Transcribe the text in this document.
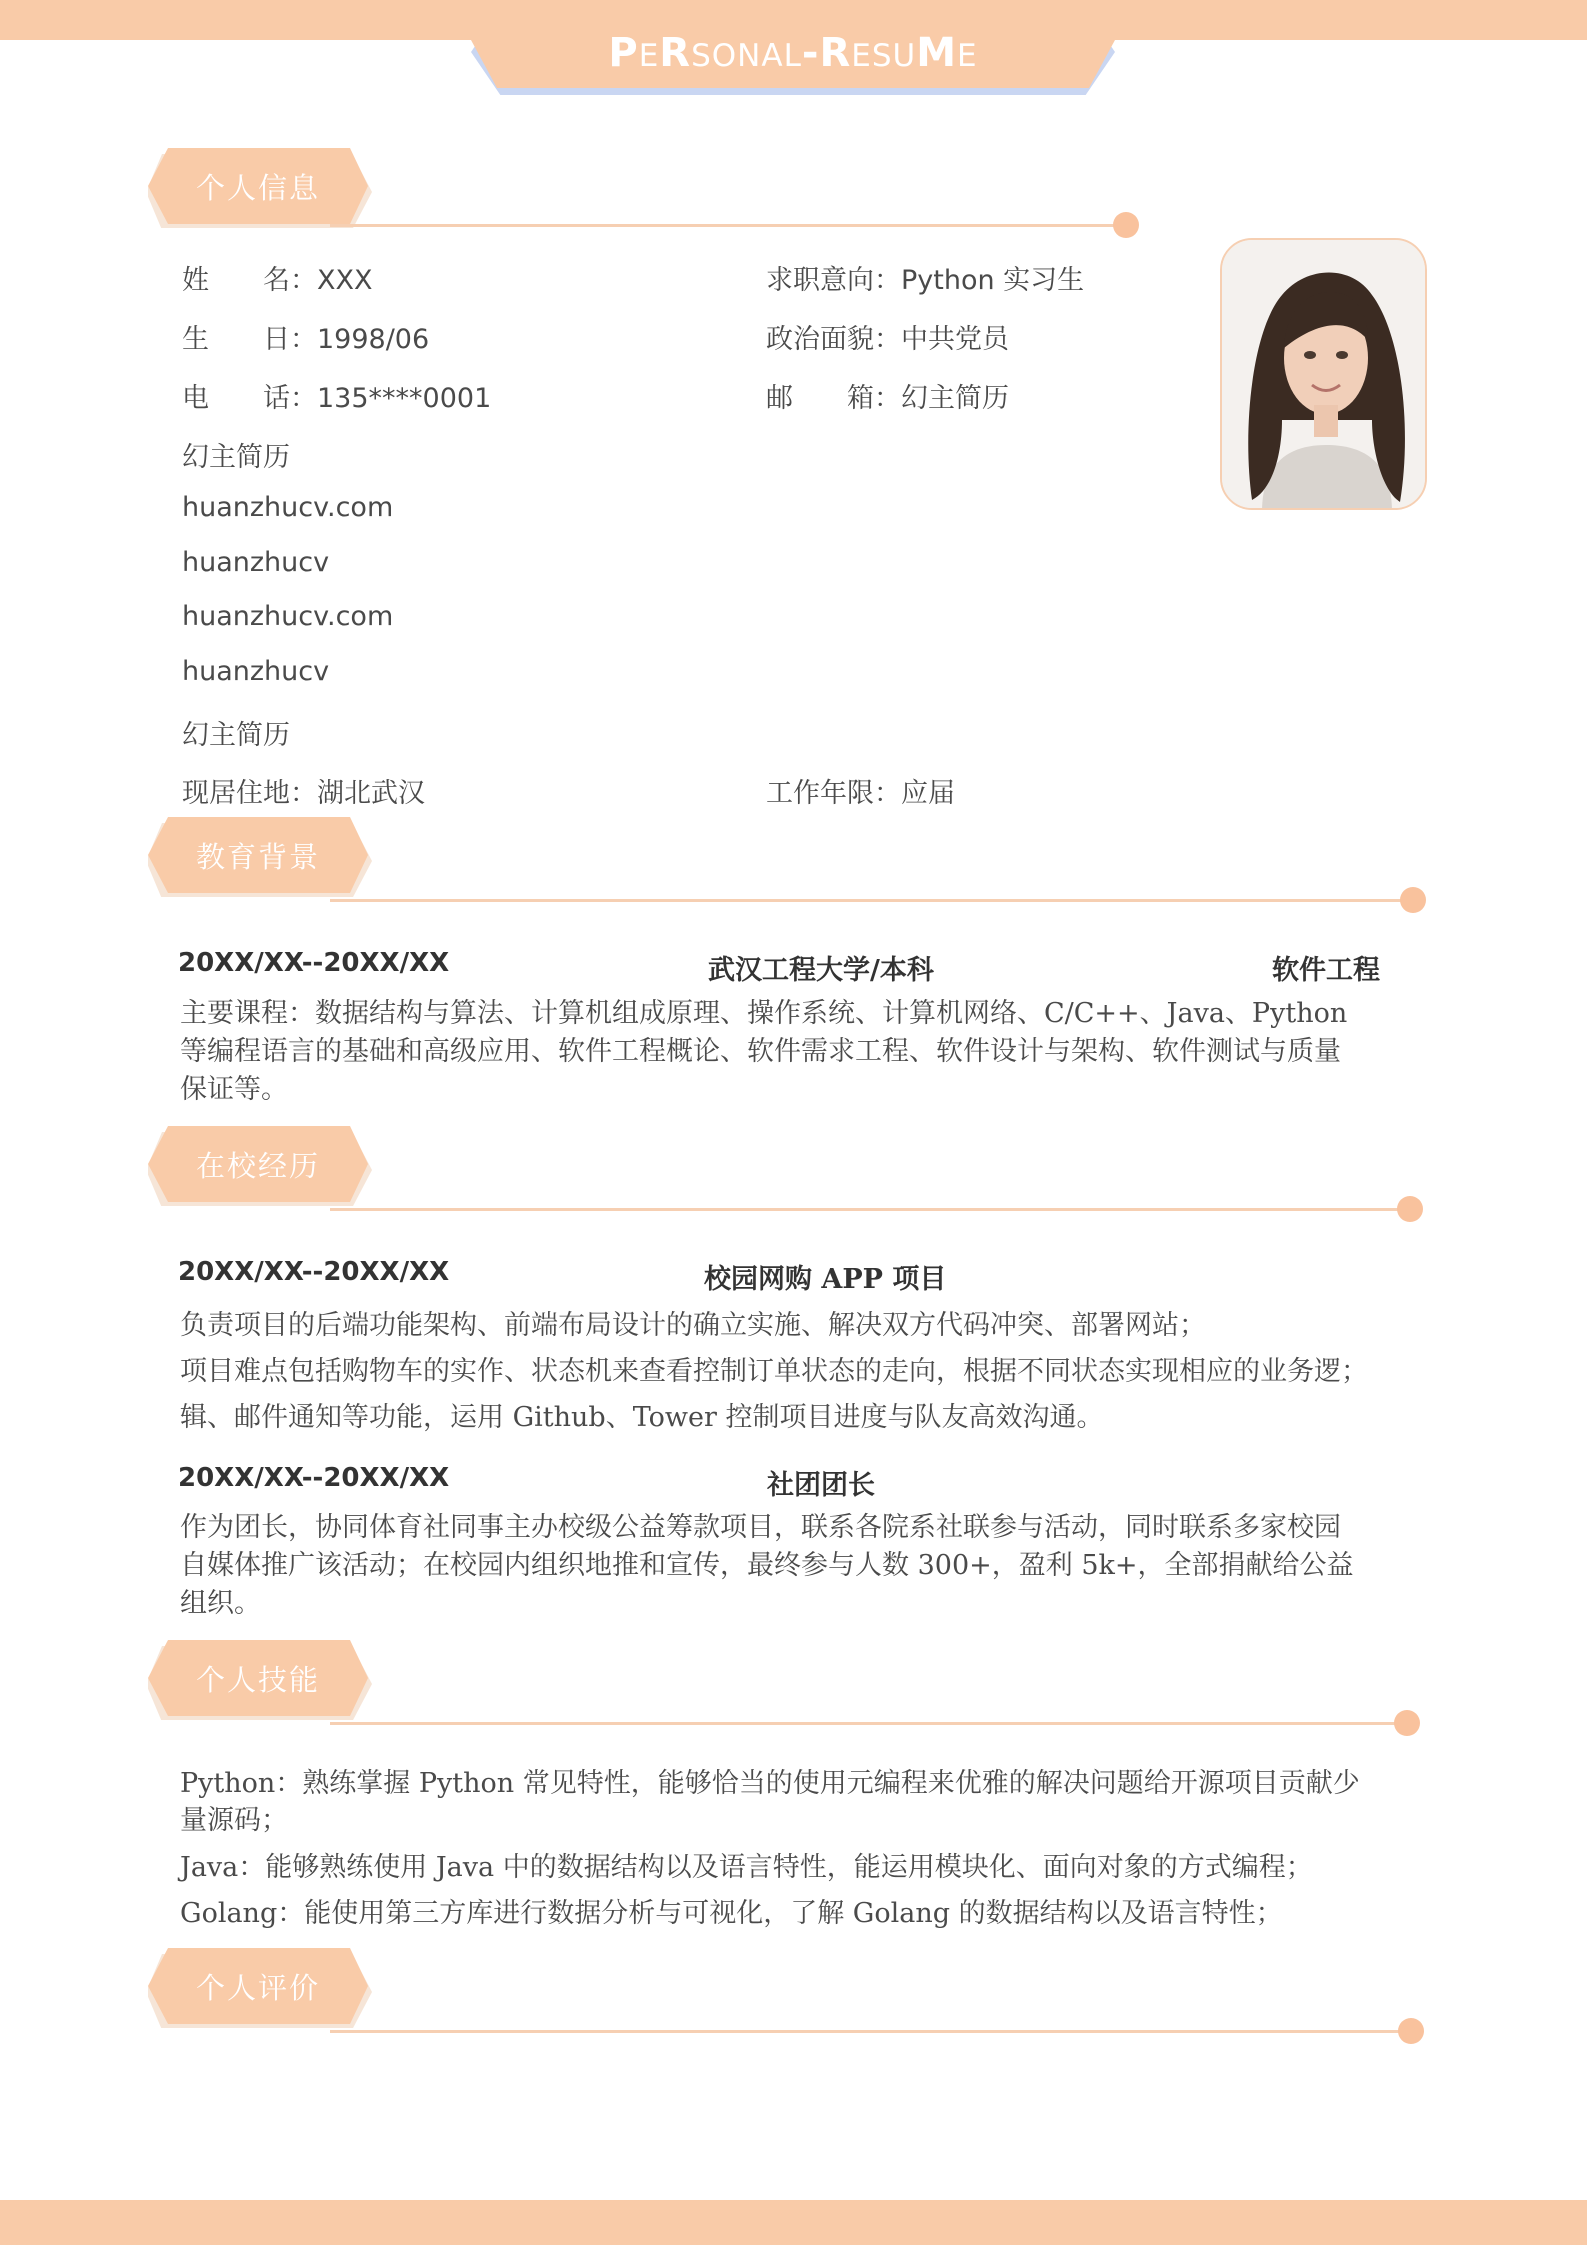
PERSONAL-RESUME
个人信息
姓　　名：XXX	求职意向：Python 实习生
生　　日：1998/06	政治面貌：中共党员
电　　话：135****0001	邮　　箱：幻主简历
幻主简历
huanzhucv.com
huanzhucv
huanzhucv.com
huanzhucv
幻主简历
现居住地：湖北武汉	工作年限：应届
教育背景
20XX/XX--20XX/XX	武汉工程大学/本科	软件工程
主要课程：数据结构与算法、计算机组成原理、操作系统、计算机网络、C/C++、Java、Python
等编程语言的基础和高级应用、软件工程概论、软件需求工程、软件设计与架构、软件测试与质量
保证等。
在校经历
20XX/XX--20XX/XX	校园网购 APP 项目
负责项目的后端功能架构、前端布局设计的确立实施、解决双方代码冲突、部署网站；
项目难点包括购物车的实作、状态机来查看控制订单状态的走向，根据不同状态实现相应的业务逻；
辑、邮件通知等功能，运用 Github、Tower 控制项目进度与队友高效沟通。
20XX/XX--20XX/XX	社团团长
作为团长，协同体育社同事主办校级公益筹款项目，联系各院系社联参与活动，同时联系多家校园
自媒体推广该活动；在校园内组织地推和宣传，最终参与人数 300+，盈利 5k+，全部捐献给公益
组织。
个人技能
Python：熟练掌握 Python 常见特性，能够恰当的使用元编程来优雅的解决问题给开源项目贡献少
量源码；
Java：能够熟练使用 Java 中的数据结构以及语言特性，能运用模块化、面向对象的方式编程；
Golang：能使用第三方库进行数据分析与可视化，了解 Golang 的数据结构以及语言特性；
个人评价
